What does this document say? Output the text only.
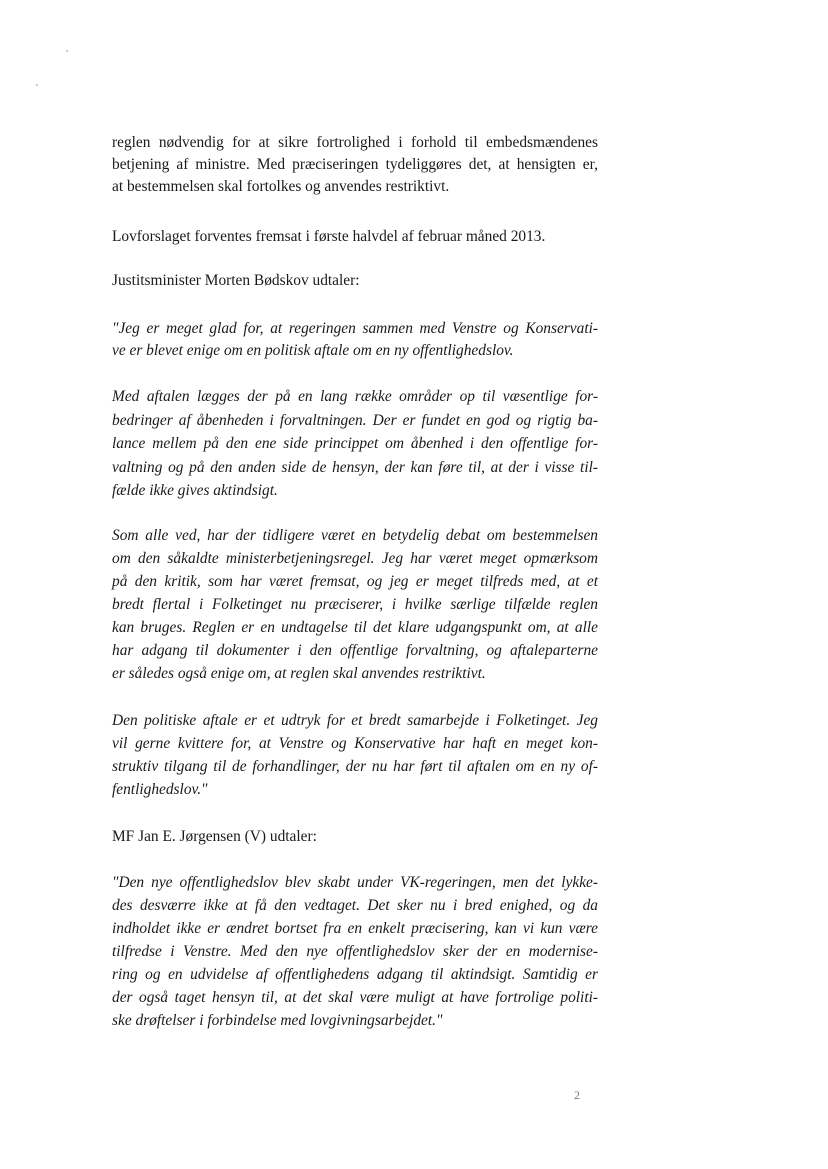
reglen nødvendig for at sikre fortrolighed i forhold til embedsmændenes
betjening af ministre. Med præciseringen tydeliggøres det, at hensigten er,
at bestemmelsen skal fortolkes og anvendes restriktivt.
Lovforslaget forventes fremsat i første halvdel af februar måned 2013.
Justitsminister Morten Bødskov udtaler:
"Jeg er meget glad for, at regeringen sammen med Venstre og Konservati-
ve er blevet enige om en politisk aftale om en ny offentlighedslov.
Med aftalen lægges der på en lang række områder op til væsentlige for-
bedringer af åbenheden i forvaltningen. Der er fundet en god og rigtig ba-
lance mellem på den ene side princippet om åbenhed i den offentlige for-
valtning og på den anden side de hensyn, der kan føre til, at der i visse til-
fælde ikke gives aktindsigt.
Som alle ved, har der tidligere været en betydelig debat om bestemmelsen
om den såkaldte ministerbetjeningsregel. Jeg har været meget opmærksom
på den kritik, som har været fremsat, og jeg er meget tilfreds med, at et
bredt flertal i Folketinget nu præciserer, i hvilke særlige tilfælde reglen
kan bruges. Reglen er en undtagelse til det klare udgangspunkt om, at alle
har adgang til dokumenter i den offentlige forvaltning, og aftaleparterne
er således også enige om, at reglen skal anvendes restriktivt.
Den politiske aftale er et udtryk for et bredt samarbejde i Folketinget. Jeg
vil gerne kvittere for, at Venstre og Konservative har haft en meget kon-
struktiv tilgang til de forhandlinger, der nu har ført til aftalen om en ny of-
fentlighedslov."
MF Jan E. Jørgensen (V) udtaler:
"Den nye offentlighedslov blev skabt under VK-regeringen, men det lykke-
des desværre ikke at få den vedtaget. Det sker nu i bred enighed, og da
indholdet ikke er ændret bortset fra en enkelt præcisering, kan vi kun være
tilfredse i Venstre. Med den nye offentlighedslov sker der en modernise-
ring og en udvidelse af offentlighedens adgang til aktindsigt. Samtidig er
der også taget hensyn til, at det skal være muligt at have fortrolige politi-
ske drøftelser i forbindelse med lovgivningsarbejdet."
2
